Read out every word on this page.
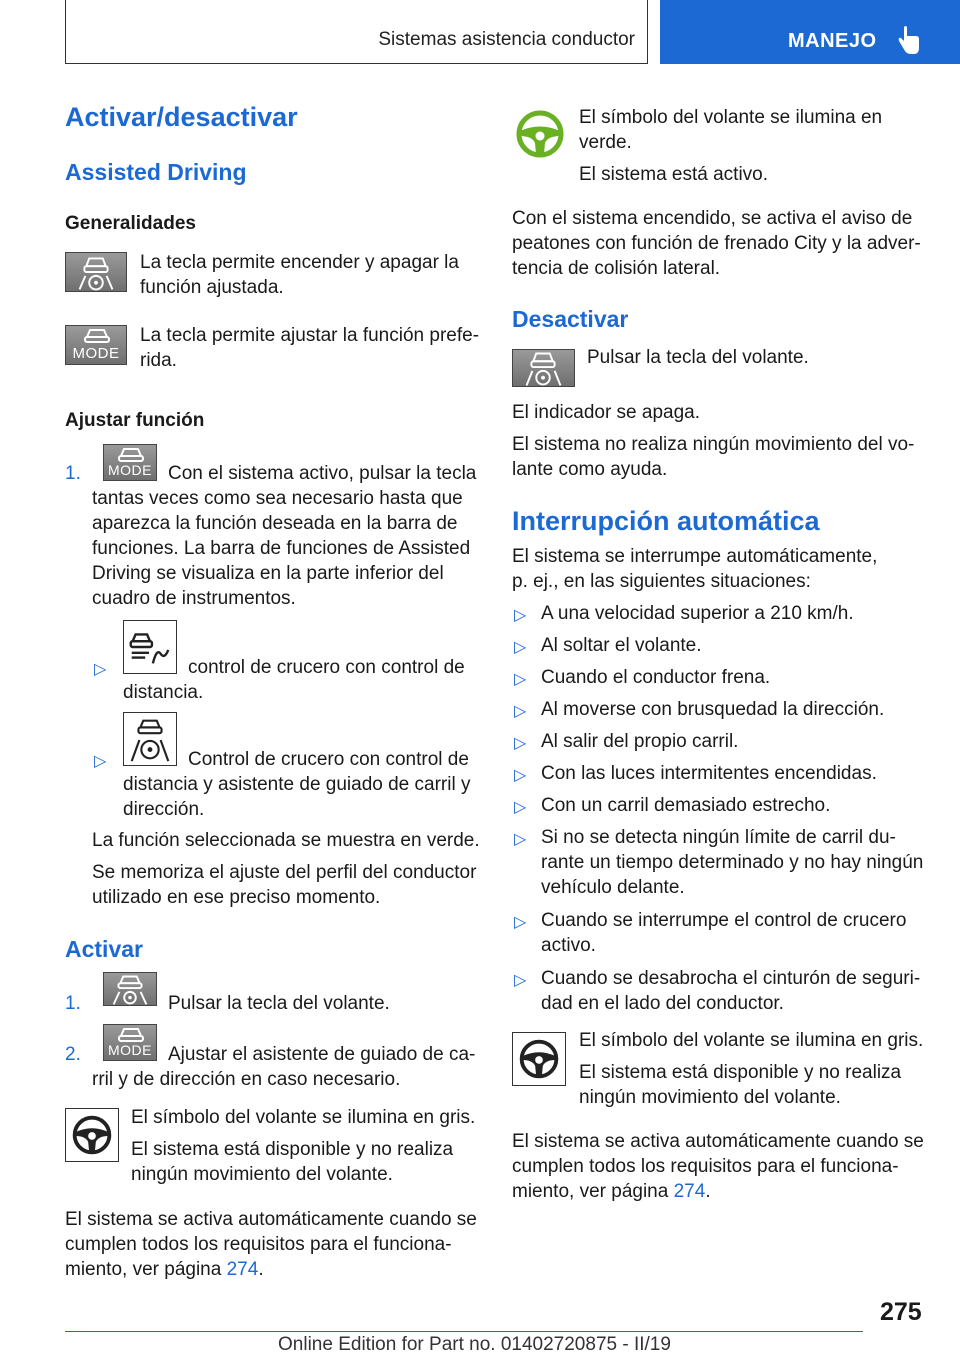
Sistemas asistencia conductor	MANEJO
Activar/desactivar
Assisted Driving
Generalidades

La tecla permite encender y apagar la función ajustada.

MODE

La tecla permite ajustar la función prefe-
rida.

Ajustar función
1. MODE Con el sistema activo, pulsar la tecla

tantas veces como sea necesario hasta que

aparezca la función deseada en la barra de

funciones. La barra de funciones de Assisted

Driving se visualiza en la parte inferior del

cuadro de instrumentos.

▷	control de crucero con control de

distancia.

▷	Control de crucero con control de

distancia y asistente de guiado de carril y

dirección.

La función seleccionada se muestra en verde.

Se memoriza el ajuste del perfil del conductor

utilizado en ese preciso momento.

Activar
1.	Pulsar la tecla del volante.

2. MODE Ajustar el asistente de guiado de ca-

rril y de dirección en caso necesario.

El símbolo del volante se ilumina en gris.

El sistema está disponible y no realiza

ningún movimiento del volante.

El sistema se activa automáticamente cuando se

cumplen todos los requisitos para el funciona-

miento, ver página 274.

El símbolo del volante se ilumina en

verde.

El sistema está activo.

Con el sistema encendido, se activa el aviso de

peatones con función de frenado City y la adver-

tencia de colisión lateral.

Desactivar

Pulsar la tecla del volante.

El indicador se apaga.

El sistema no realiza ningún movimiento del vo-

lante como ayuda.

Interrupción automática

El sistema se interrumpe automáticamente,

p. ej., en las siguientes situaciones:

▷ A una velocidad superior a 210 km/h.

▷ Al soltar el volante.

▷ Cuando el conductor frena.

▷ Al moverse con brusquedad la dirección.

▷ Al salir del propio carril.

▷ Con las luces intermitentes encendidas.

▷ Con un carril demasiado estrecho.

▷ Si no se detecta ningún límite de carril du-

rante un tiempo determinado y no hay ningún

vehículo delante.

▷ Cuando se interrumpe el control de crucero

activo.

▷ Cuando se desabrocha el cinturón de seguri-

dad en el lado del conductor.

El símbolo del volante se ilumina en gris.

El sistema está disponible y no realiza

ningún movimiento del volante.

El sistema se activa automáticamente cuando se

cumplen todos los requisitos para el funciona-

miento, ver página 274.

275
Online Edition for Part no. 01402720875 - II/19
